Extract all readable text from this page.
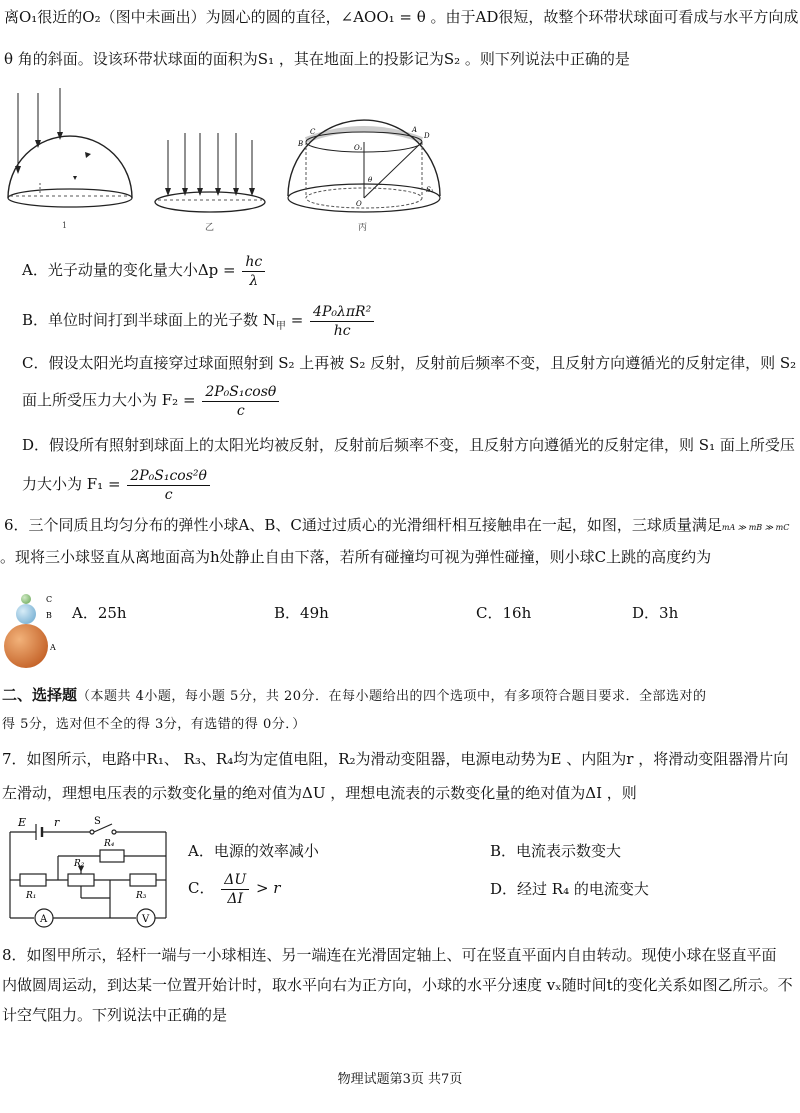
离O₁很近的O₂（图中未画出）为圆心的圆的直径，∠AOO₁ = θ 。由于AD很短，故整个环带状球面可看成与水平方向成
θ 角的斜面。设该环带状球面的面积为S₁ ，其在地面上的投影记为S₂ 。则下列说法中正确的是
1	乙
C
B	O₁
A
D
θ
O
S₁
丙
A．光子动量的变化量大小$\Delta p = \frac{hc}{\lambda}$
B．单位时间打到半球面上的光子数 $N_甲 = \frac{\text{4P₀λπR²}}{hc}$
C．假设太阳光均直接穿过球面照射到 S₂ 上再被 S₂ 反射，反射前后频率不变，且反射方向遵循光的反射定律，则 S₂
面上所受压力大小为 $F_2 = \frac{\text{2P₀S₁cosθ}}{c}$
D．假设所有照射到球面上的太阳光均被反射，反射前后频率不变，且反射方向遵循光的反射定律，则 S₁ 面上所受压
力大小为 $F_1 = \frac{\text{2P₀S₁cos²θ}}{c}$
6．三个同质且均匀分布的弹性小球A、B、C通过过质心的光滑细杆相互接触串在一起，如图，三球质量满足mA ≫ mB ≫ mC
。现将三小球竖直从离地面高为h处静止自由下落，若所有碰撞均可视为弹性碰撞，则小球C上跳的高度约为
C
B
A
A．25h	B．49h	C．16h	D．3h
二、选择题（本题共 4小题，每小题 5分，共 20分．在每小题给出的四个选项中，有多项符合题目要求．全部选对的
得 5分，选对但不全的得 3分，有选错的得 0分．）
7．如图所示，电路中R₁、 R₃、R₄均为定值电阻，R₂为滑动变阻器，电源电动势为E 、内阻为r ，将滑动变阻器滑片向
左滑动，理想电压表的示数变化量的绝对值为ΔU ，理想电流表的示数变化量的绝对值为ΔI ，则
E	r	S
R₄
R₂
R₁	R₃
A	V
A．电源的效率减小	B．电流表示数变大
C． $\frac{\Delta U}{\Delta I} > r$	D．经过 R₄ 的电流变大
8．如图甲所示，轻杆一端与一小球相连、另一端连在光滑固定轴上、可在竖直平面内自由转动。现使小球在竖直平面
内做圆周运动，到达某一位置开始计时，取水平向右为正方向，小球的水平分速度 vₓ随时间t的变化关系如图乙所示。不
计空气阻力。下列说法中正确的是
物理试题第3页 共7页
